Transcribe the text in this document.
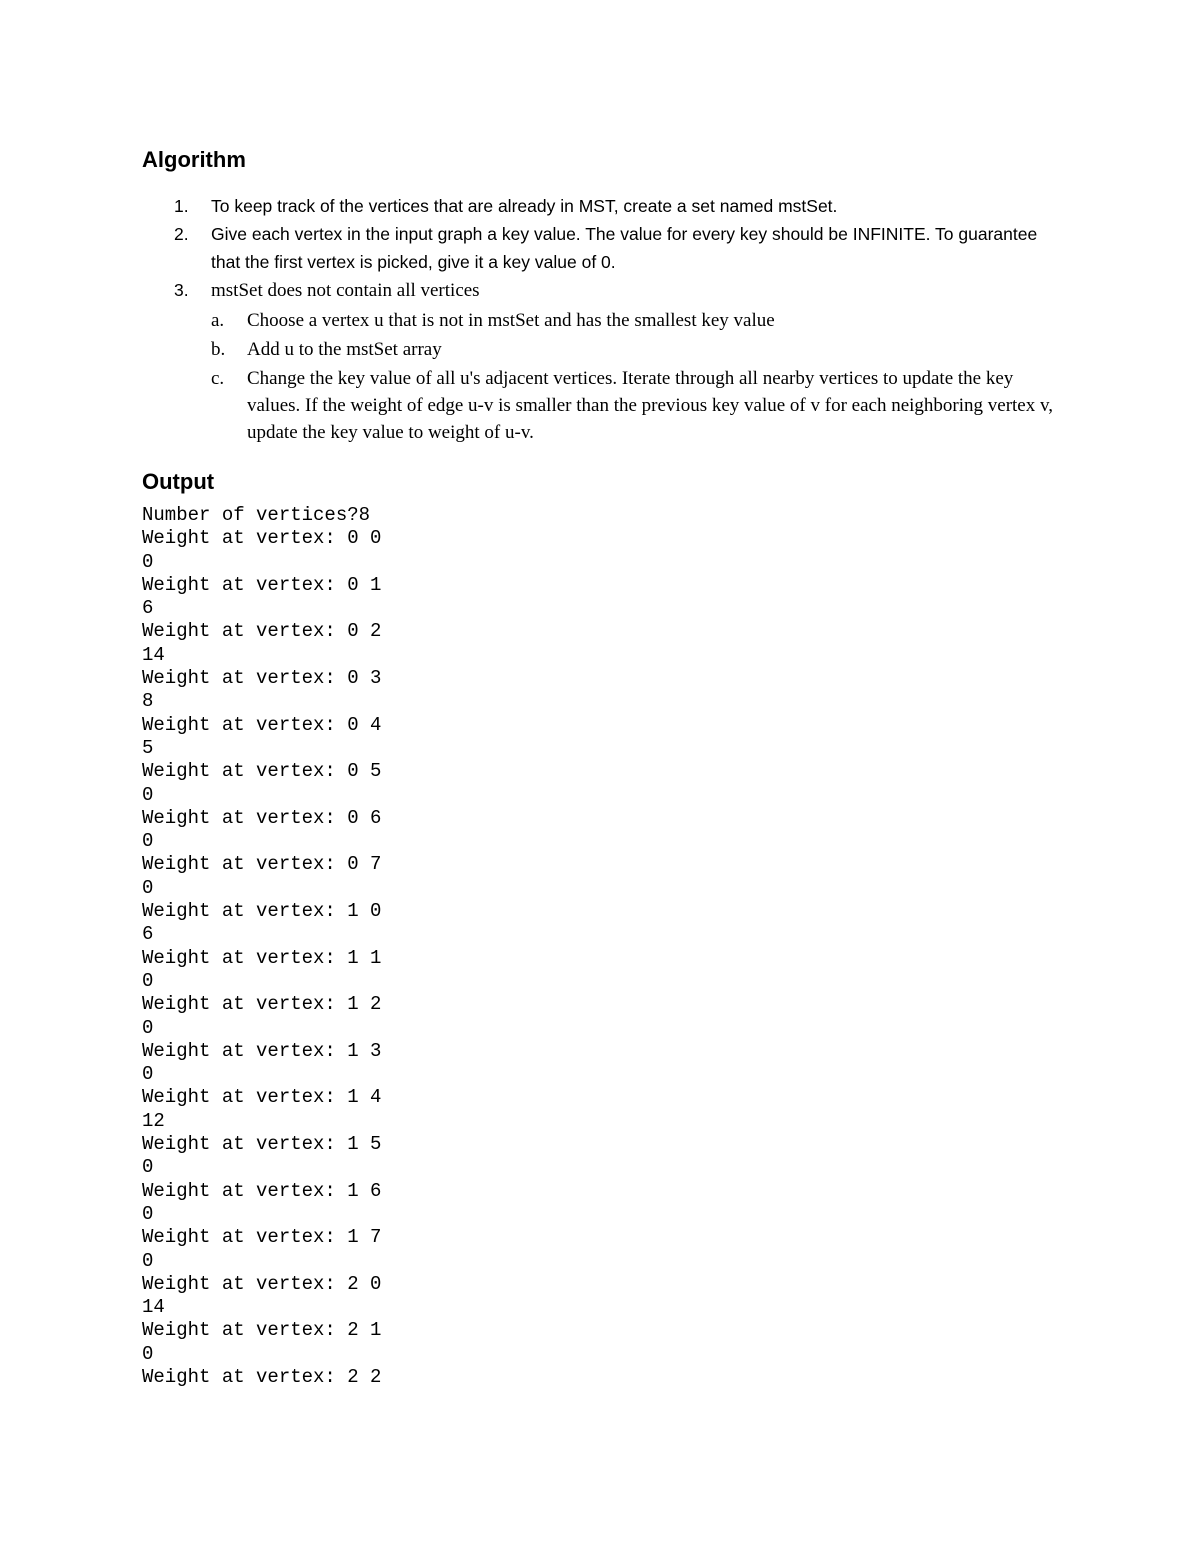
Algorithm
1.	To keep track of the vertices that are already in MST, create a set named mstSet.
2.	Give each vertex in the input graph a key value. The value for every key should be INFINITE. To guarantee that the first vertex is picked, give it a key value of 0.
3.	mstSet does not contain all vertices
a. Choose a vertex u that is not in mstSet and has the smallest key value
b. Add u to the mstSet array
c. Change the key value of all u's adjacent vertices. Iterate through all nearby vertices to update the key values. If the weight of edge u-v is smaller than the previous key value of v for each neighboring vertex v, update the key value to weight of u-v.
Output
Number of vertices?8
Weight at vertex: 0 0
0
Weight at vertex: 0 1
6
Weight at vertex: 0 2
14
Weight at vertex: 0 3
8
Weight at vertex: 0 4
5
Weight at vertex: 0 5
0
Weight at vertex: 0 6
0
Weight at vertex: 0 7
0
Weight at vertex: 1 0
6
Weight at vertex: 1 1
0
Weight at vertex: 1 2
0
Weight at vertex: 1 3
0
Weight at vertex: 1 4
12
Weight at vertex: 1 5
0
Weight at vertex: 1 6
0
Weight at vertex: 1 7
0
Weight at vertex: 2 0
14
Weight at vertex: 2 1
0
Weight at vertex: 2 2
